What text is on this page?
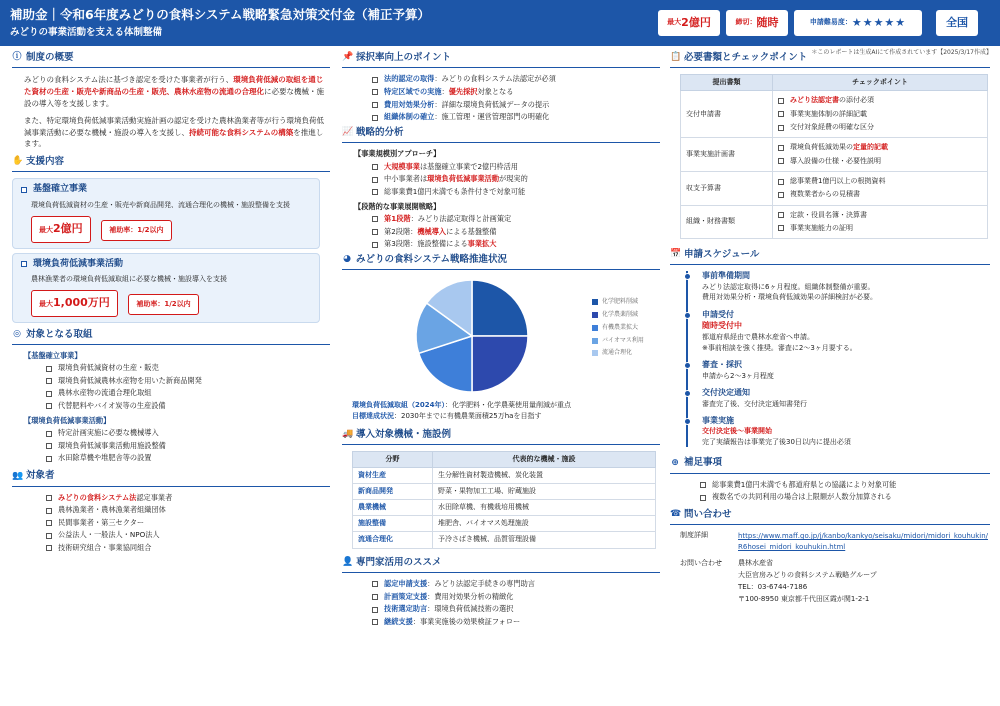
補助金｜令和6年度みどりの食料システム戦略緊急対策交付金（補正予算）
みどりの事業活動を支える体制整備
最大 2億円	締切： 随時	申請難易度： ★★★★★	全国
＊このレポートは生成AIにて作成されています【2025/3/17作成】
ⓘ 制度の概要

みどりの食料システム法に基づき認定を受けた事業者が行う、環境負荷低減の取組を通じた資材の生産・販売や新商品の生産・販売、農林水産物の流通の合理化に必要な機械・施設の導入等を支援します。

また、特定環境負荷低減事業活動実施計画の認定を受けた農林漁業者等が行う環境負荷低減事業活動に必要な機械・施設の導入を支援し、持続可能な食料システムの構築を推進します。

✋ 支援内容
基盤確立事業
環境負荷低減資材の生産・販売や新商品開発、流通合理化の機械・施設整備を支援
最大2億円	補助率：1/2以内
環境負荷低減事業活動
農林漁業者の環境負荷低減取組に必要な機械・施設導入を支援
最大1,000万円	補助率：1/2以内
◎ 対象となる取組
【基盤確立事業】
環境負荷低減資材の生産・販売
環境負荷低減農林水産物を用いた新商品開発
農林水産物の流通合理化取組
代替肥料やバイオ炭等の生産設備
【環境負荷低減事業活動】
特定計画実施に必要な機械導入
環境負荷低減事業活動用施設整備
水田除草機や堆肥舎等の設置
👥 対象者
みどりの食料システム法 認定事業者
農林漁業者・農林漁業者組織団体
民間事業者・第三セクター
公益法人・一般法人・NPO法人
技術研究組合・事業協同組合
📌 採択率向上のポイント
法的認定の取得 ：みどりの食料システム法認定が必須
特定区域での実施 ： 優先採択 対象となる
費用対効果分析 ：詳細な環境負荷低減データの提示
組織体制の確立 ：施工管理・運営管理部門の明確化
📈 戦略的分析
【事業規模別アプローチ】
大規模事業 は基盤確立事業で2億円枠活用
中小事業者は 環境負荷低減事業活動 が現実的
総事業費1億円未満でも条件付きで対象可能
【段階的な事業展開戦略】
第1段階 ：みどり法認定取得と計画策定
第2段階： 機械導入 による基盤整備
第3段階：施設整備による 事業拡大
◕ みどりの食料システム戦略推進状況
化学肥料削減
化学農薬削減
有機農業拡大
バイオマス利用
流通合理化
環境負荷低減取組（2024年）：化学肥料・化学農薬使用量削減が重点
目標達成状況：2030年までに有機農業面積25万haを目指す
🚚 導入対象機械・施設例
分野	代表的な機械・施設
資材生産	生分解性資材製造機械、炭化装置
新商品開発	野菜・果物加工工場、貯蔵施設
農業機械	水田除草機、有機栽培用機械
施設整備	堆肥舎、バイオマス処理施設
流通合理化	予冷さばき機械、品質管理設備
👤 専門家活用のススメ
認定申請支援 ：みどり法認定手続きの専門助言
計画策定支援 ：費用対効果分析の精緻化
技術選定助言 ：環境負荷低減技術の選択
継続支援 ：事業実施後の効果検証フォロー
📋 必要書類とチェックポイント
提出書類	チェックポイント
交付申請書	みどり法認定書 の添付必須
事業実施体制の詳細記載
交付対象経費の明確な区分

事業実施計画書	環境負荷低減効果の 定量的記載
導入設備の仕様・必要性説明

収支予算書	総事業費1億円以上の根拠資料
複数業者からの見積書

組織・財務書類	定款・役員名簿・決算書
事業実施能力の証明
📅 申請スケジュール
事前準備期間
みどり法認定取得に6ヶ月程度。組織体制整備が重要。
費用対効果分析・環境負荷低減効果の詳細検討が必要。
申請受付
随時受付中
都道府県経由で農林水産省へ申請。
※事前相談を強く推奨。審査に2〜3ヶ月要する。
審査・採択
申請から2〜3ヶ月程度
交付決定通知
審査完了後、交付決定通知書発行
事業実施
交付決定後〜事業開始
完了実績報告は事業完了後30日以内に提出必須
⊕ 補足事項
総事業費1億円未満でも都道府県との協議により対象可能
複数名での共同利用の場合は上限額が人数分加算される
☎ 問い合わせ
制度詳細	https://www.maff.go.jp/j/kanbo/kankyo/seisaku/midori/midori_kouhukin/R6hosei_midori_kouhukin.html
お問い合わせ	農林水産省
大臣官房みどりの食料システム戦略グループ
TEL：03-6744-7186
〒100-8950 東京都千代田区霞が関1-2-1
